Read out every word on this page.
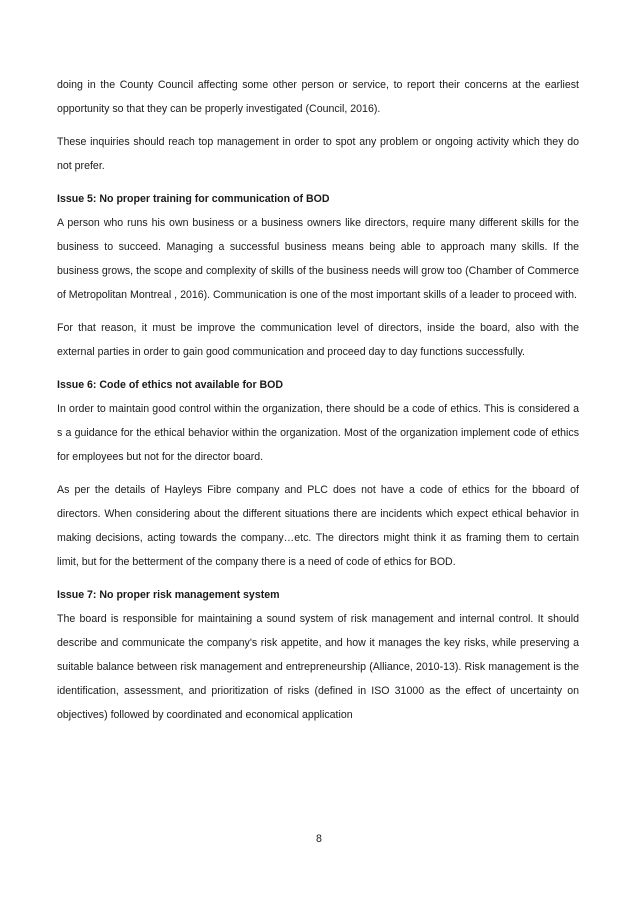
doing in the County Council affecting some other person or service, to report their concerns at the earliest opportunity so that they can be properly investigated (Council, 2016).

These inquiries should reach top management in order to spot any problem or ongoing activity which they do not prefer.

Issue 5: No proper training for communication of BOD

A person who runs his own business or a business owners like directors, require many different skills for the business to succeed. Managing a successful business means being able to approach many skills. If the business grows, the scope and complexity of skills of the business needs will grow too (Chamber of Commerce of Metropolitan Montreal , 2016). Communication is one of the most important skills of a leader to proceed with.

For that reason, it must be improve the communication level of directors, inside the board, also with the external parties in order to gain good communication and proceed day to day functions successfully.

Issue 6: Code of ethics not available for BOD

In order to maintain good control within the organization, there should be a code of ethics. This is considered a s a guidance for the ethical behavior within the organization. Most of the organization implement code of ethics for employees but not for the director board.

As per the details of Hayleys Fibre company and PLC does not have a code of ethics for the bboard of directors. When considering about the different situations there are incidents which expect ethical behavior in making decisions, acting towards the company…etc. The directors might think it as framing them to certain limit, but for the betterment of the company there is a need of code of ethics for BOD.

Issue 7: No proper risk management system

The board is responsible for maintaining a sound system of risk management and internal control. It should describe and communicate the company's risk appetite, and how it manages the key risks, while preserving a suitable balance between risk management and entrepreneurship (Alliance, 2010-13). Risk management is the identification, assessment, and prioritization of risks (defined in ISO 31000 as the effect of uncertainty on objectives) followed by coordinated and economical application

8
